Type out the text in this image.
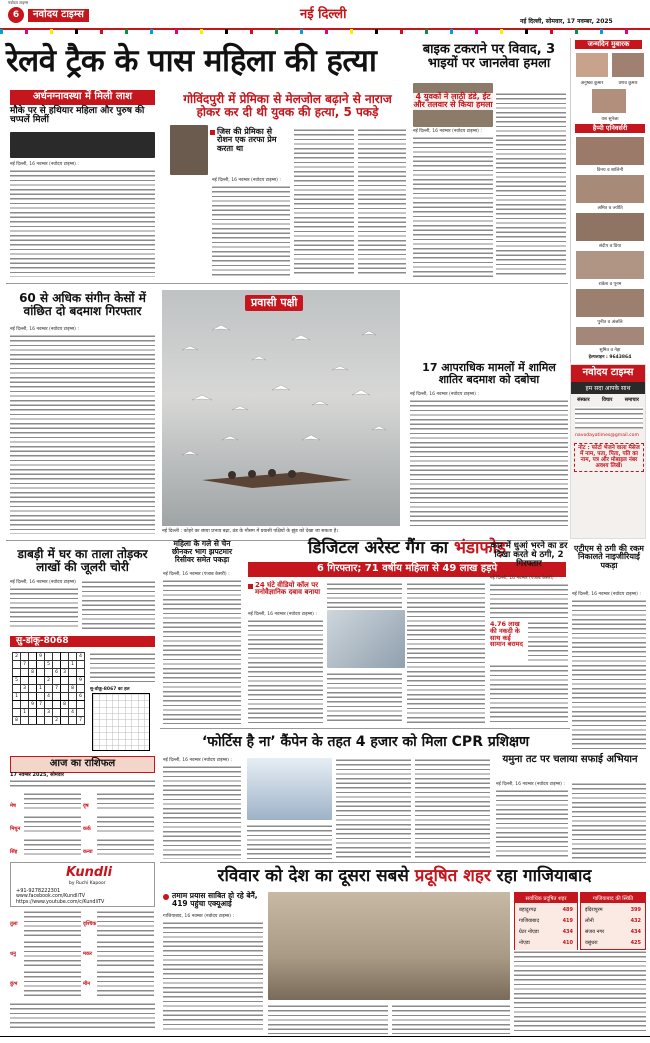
6	नवोदय टाइम्स
नवोदय टाइम्स
नई दिल्ली	नई दिल्ली, सोमवार, 17 नवम्बर, 2025
रेलवे ट्रैक के पास महिला की हत्या
अर्धनग्नावस्था में मिली लाश
मौके पर से हथियार महिला और पुरुष की चप्पलें मिलीं
नई दिल्ली, 16 नवम्बर (नवोदय टाइम्स) :
गोविंदपुरी में प्रेमिका से मेलजोल बढ़ाने से नाराज होकर कर दी थी युवक की हत्या, 5 पकड़े
जिस की प्रेमिका से रोशन एक तरफा प्रेम करता था
नई दिल्ली, 16 नवम्बर (नवोदय टाइम्स) :
बाइक टकराने पर विवाद, 3 भाइयों पर जानलेवा हमला
4 युवकों ने लाठी डंडे, ईंट और तलवार से किया हमला
नई दिल्ली, 16 नवम्बर (नवोदय टाइम्स) :
जन्मदिन मुबारक
अनुष्का कुमार	प्रणव कुमार
यश सुनेजा
हैप्पी एनिवर्सरी
विनय व शालिनी
अमित व ज्योति
संदीप व प्रिया
राकेश व पूनम
पुनीत व अंजलि
सुमित व नेहा
हेल्पलाइन : 9643864
रवि व सीमा
60 से अधिक संगीन केसों में वांछित दो बदमाश गिरफ्तार
नई दिल्ली, 16 नवम्बर (नवोदय टाइम्स) :
प्रवासी पक्षी
नई दिल्ली : कोहरे का छाया प्रभाव बढ़ा, ठंड के मौसम में प्रवासी पक्षियों के झुंड को देखा जा सकता है।
17 आपराधिक मामलों में शामिल शातिर बदमाश को दबोचा
नई दिल्ली, 16 नवम्बर (नवोदय टाइम्स) :
नवोदय टाइम्स
हम सदा आपके साथ
संस्कार विचार समाचार
navodayatimes@gmail.com
नोट : फोटो भेजने वाला मैसेज में नाम, पता, पिता, पति का नाम, पत्र और मोबाइल नंबर अवश्य लिखें।
डाबड़ी में घर का ताला तोड़कर लाखों की जूलरी चोरी
नई दिल्ली, 16 नवम्बर (नवोदय टाइम्स)
महिला के गले से चेन छीनकर भाग झपटमार रिसीवर समेत पकड़ा
नई दिल्ली, 16 नवम्बर (पंजाब केसरी) :
डिजिटल अरेस्ट गैंग का भंडाफोड़
6 गिरफ्तार; 71 वर्षीय महिला से 49 लाख हड़पे
24 घंटे वीडियो कॉल पर मनोवैज्ञानिक दबाव बनाया
नई दिल्ली, 16 नवम्बर (नवोदय टाइम्स) :
कार में धुआं भरने का डर दिखा करते थे ठगी, 2 गिरफ्तार
नई दिल्ली, 16 नवम्बर (पंजाब केसरी) :
4.76 लाख की नकदी के साथ कई सामान बरामद
एटीएम से ठगी की रकम निकालते नाइजीरियाई पकड़ा
नई दिल्ली, 16 नवम्बर (नवोदय टाइम्स) :
सु-डोकू-8068
2			9					4
	7			5			1	
		8			6	3		
5				2				9
	3		1		7		8	
1				4				6
		9	7			8		
	1			3			4	
8					2			7
सु-डोकू-8067 का हल
‘फोर्टिस है ना’ कैंपेन के तहत 4 हजार को मिला CPR प्रशिक्षण
नई दिल्ली, 16 नवम्बर (नवोदय टाइम्स) :	यमुना तट पर चलाया सफाई अभियान
नई दिल्ली, 16 नवम्बर (नवोदय टाइम्स) :
आज का राशिफल
17 नवम्बर 2025, सोमवार
मेष	वृष
मिथुन	कर्क
सिंह	कन्या
Kundli
by Ruchi Kapoor
+91-9278222301
www.facebook.com/KundliTV
https://www.youtube.com/c/KundliTV
तुला	वृश्चिक
धनु	मकर
कुंभ	मीन
रविवार को देश का दूसरा सबसे प्रदूषित शहर रहा गाजियाबाद
तमाम प्रयास साबित हो रहे बेनेैं, 419 पहुंचा एक्यूआई
गाजियाबाद, 16 नवम्बर (नवोदय टाइम्स) :
सर्वाधिक प्रदूषित शहर
बहादुरगढ़	489
गाजियाबाद	419
ग्रेटर नोएडा	434
नोएडा	410

गाजियाबाद की स्थिति
इंदिरापुरम	399
लोनी	432
संजय नगर	434
वसुंधरा	425
